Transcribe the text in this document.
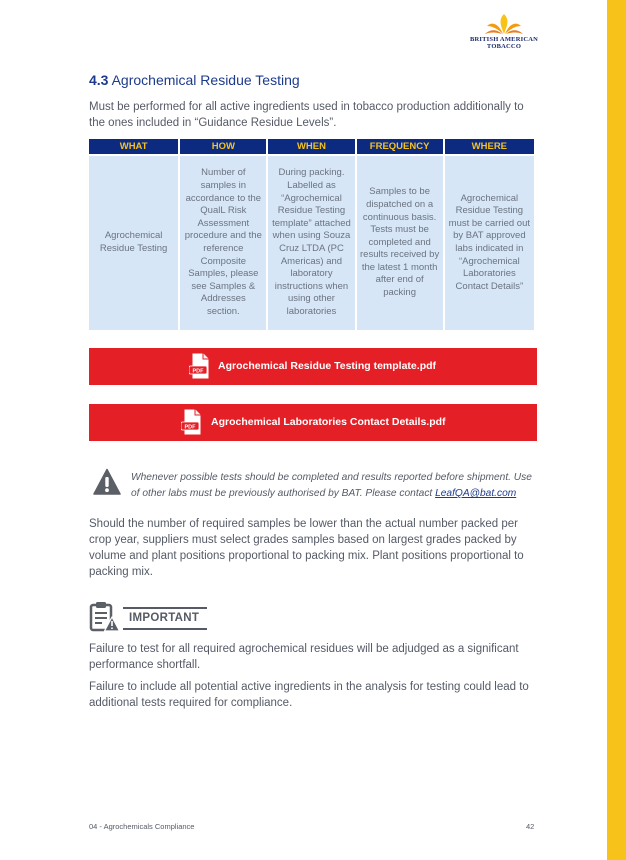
BRITISH AMERICAN
TOBACCO
4.3 Agrochemical Residue Testing
Must be performed for all active ingredients used in tobacco production additionally to the ones included in “Guidance Residue Levels”.
WHAT	HOW	WHEN	FREQUENCY	WHERE
Agrochemical Residue Testing	Number of samples in accordance to the QualL Risk Assessment procedure and the reference Composite Samples, please see Samples & Addresses section.	During packing. Labelled as “Agrochemical Residue Testing template” attached when using Souza Cruz LTDA (PC Americas) and laboratory instructions when using other laboratories	Samples to be dispatched on a continuous basis. Tests must be completed and results received by the latest 1 month after end of packing	Agrochemical Residue Testing must be carried out by BAT approved labs indicated in “Agrochemical Laboratories Contact Details”
PDF Agrochemical Residue Testing template.pdf
PDF Agrochemical Laboratories Contact Details.pdf
Whenever possible tests should be completed and results reported before shipment. Use of other labs must be previously authorised by BAT. Please contact LeafQA@bat.com
Should the number of required samples be lower than the actual number packed per crop year, suppliers must select grades samples based on largest grades packed by volume and plant positions proportional to packing mix. Plant positions proportional to packing mix.
IMPORTANT
Failure to test for all required agrochemical residues will be adjudged as a significant performance shortfall.
Failure to include all potential active ingredients in the analysis for testing could lead to additional tests required for compliance.
04 - Agrochemicals Compliance	42
